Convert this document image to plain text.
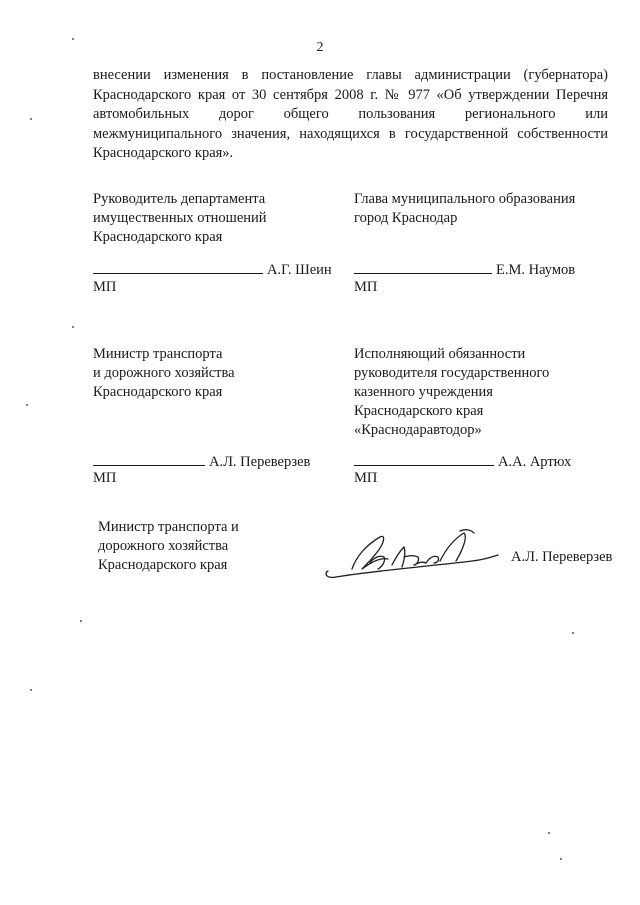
2
внесении изменения в постановление главы администрации (губернатора)
Краснодарского края от 30 сентября 2008 г. № 977 «Об утверждении Перечня
автомобильных дорог общего пользования регионального или
межмуниципального значения, находящихся в государственной собственности
Краснодарского края».
Руководитель департамента
имущественных отношений
Краснодарского края
А.Г. Шеин
МП
Глава муниципального образования
город Краснодар
Е.М. Наумов
МП
Министр транспорта
и дорожного хозяйства
Краснодарского края
А.Л. Переверзев
МП
Исполняющий обязанности
руководителя государственного
казенного учреждения
Краснодарского края
«Краснодаравтодор»
А.А. Артюх
МП
Министр транспорта и
дорожного хозяйства
Краснодарского края	А.Л. Переверзев
